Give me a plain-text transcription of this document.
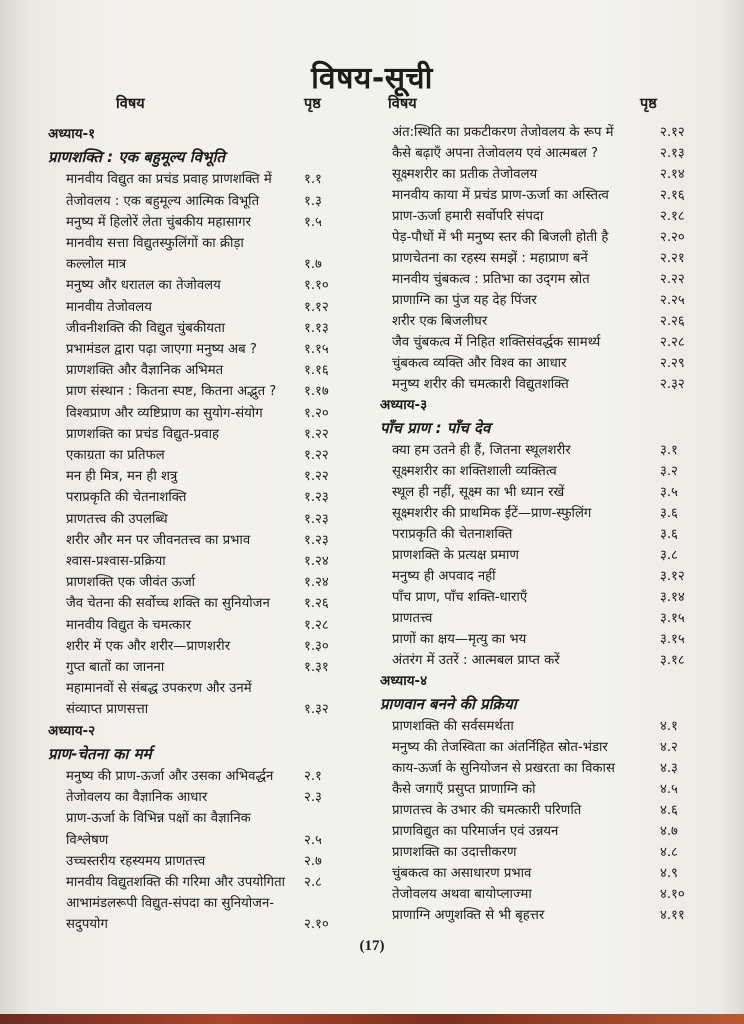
विषय-सूची
विषय	पृष्ठ
अध्याय-१
प्राणशक्ति : एक बहुमूल्य विभूति
मानवीय विद्युत का प्रचंड प्रवाह प्राणशक्ति में १.१
तेजोवलय : एक बहुमूल्य आत्मिक विभूति	१.३
मनुष्य में हिलोरें लेता चुंबकीय महासागर	१.५
मानवीय सत्ता विद्युतस्फुलिंगों का क्रीड़ा
कल्लोल मात्र	१.७
मनुष्य और धरातल का तेजोवलय	१.१०
मानवीय तेजोवलय	१.१२
जीवनीशक्ति की विद्युत चुंबकीयता	१.१३
प्रभामंडल द्वारा पढ़ा जाएगा मनुष्य अब ?	१.१५
प्राणशक्ति और वैज्ञानिक अभिमत	१.१६
प्राण संस्थान : कितना स्पष्ट, कितना अद्भुत ? १.१७
विश्वप्राण और व्यष्टिप्राण का सुयोग-संयोग	१.२०
प्राणशक्ति का प्रचंड विद्युत-प्रवाह	१.२२
एकाग्रता का प्रतिफल	१.२२
मन ही मित्र, मन ही शत्रु	१.२२
पराप्रकृति की चेतनाशक्ति	१.२३
प्राणतत्त्व की उपलब्धि	१.२३
शरीर और मन पर जीवनतत्त्व का प्रभाव	१.२३
श्वास-प्रश्वास-प्रक्रिया	१.२४
प्राणशक्ति एक जीवंत ऊर्जा	१.२४
जैव चेतना की सर्वोच्च शक्ति का सुनियोजन	१.२६
मानवीय विद्युत के चमत्कार	१.२८
शरीर में एक और शरीर—प्राणशरीर	१.३०
गुप्त बातों का जानना	१.३१
महामानवों से संबद्ध उपकरण और उनमें
संव्याप्त प्राणसत्ता	१.३२
अध्याय-२
प्राण-चेतना का मर्म
मनुष्य की प्राण-ऊर्जा और उसका अभिवर्द्धन २.१
तेजोवलय का वैज्ञानिक आधार	२.३
प्राण-ऊर्जा के विभिन्न पक्षों का वैज्ञानिक
विश्लेषण	२.५
उच्चस्तरीय रहस्यमय प्राणतत्त्व	२.७
मानवीय विद्युतशक्ति की गरिमा और उपयोगिता २.८
आभामंडलरूपी विद्युत-संपदा का सुनियोजन-
सदुपयोग	२.१०
विषय	पृष्ठ
अंत:स्थिति का प्रकटीकरण तेजोवलय के रूप में	२.१२
कैसे बढ़ाएँ अपना तेजोवलय एवं आत्मबल ?	२.१३
सूक्ष्मशरीर का प्रतीक तेजोवलय	२.१४
मानवीय काया में प्रचंड प्राण-ऊर्जा का अस्तित्व	२.१६
प्राण-ऊर्जा हमारी सर्वोपरि संपदा	२.१८
पेड़-पौधों में भी मनुष्य स्तर की बिजली होती है	२.२०
प्राणचेतना का रहस्य समझें : महाप्राण बनें	२.२१
मानवीय चुंबकत्व : प्रतिभा का उद्‌गम स्रोत	२.२२
प्राणाग्नि का पुंज यह देह पिंजर	२.२५
शरीर एक बिजलीघर	२.२६
जैव चुंबकत्व में निहित शक्तिसंवर्द्धक सामर्थ्य	२.२८
चुंबकत्व व्यक्ति और विश्व का आधार	२.२९
मनुष्य शरीर की चमत्कारी विद्युतशक्ति	२.३२
अध्याय-३
पाँच प्राण : पाँच देव
क्या हम उतने ही हैं, जितना स्थूलशरीर	३.१
सूक्ष्मशरीर का शक्तिशाली व्यक्तित्व	३.२
स्थूल ही नहीं, सूक्ष्म का भी ध्यान रखें	३.५
सूक्ष्मशरीर की प्राथमिक ईंटें—प्राण-स्फुलिंग	३.६
पराप्रकृति की चेतनाशक्ति	३.६
प्राणशक्ति के प्रत्यक्ष प्रमाण	३.८
मनुष्य ही अपवाद नहीं	३.१२
पाँच प्राण, पाँच शक्ति-धाराएँ	३.१४
प्राणतत्त्व	३.१५
प्राणों का क्षय—मृत्यु का भय	३.१५
अंतरंग में उतरें : आत्मबल प्राप्त करें	३.१८
अध्याय-४
प्राणवान बनने की प्रक्रिया
प्राणशक्ति की सर्वसमर्थता	४.१
मनुष्य की तेजस्विता का अंतर्निहित स्रोत-भंडार	४.२
काय-ऊर्जा के सुनियोजन से प्रखरता का विकास	४.३
कैसे जगाएँ प्रसुप्त प्राणाग्नि को	४.५
प्राणतत्त्व के उभार की चमत्कारी परिणति	४.६
प्राणविद्युत का परिमार्जन एवं उन्नयन	४.७
प्राणशक्ति का उदात्तीकरण	४.८
चुंबकत्व का असाधारण प्रभाव	४.९
तेजोवलय अथवा बायोप्लाज्मा	४.१०
प्राणाग्नि अणुशक्ति से भी बृहत्तर	४.११
(17)
